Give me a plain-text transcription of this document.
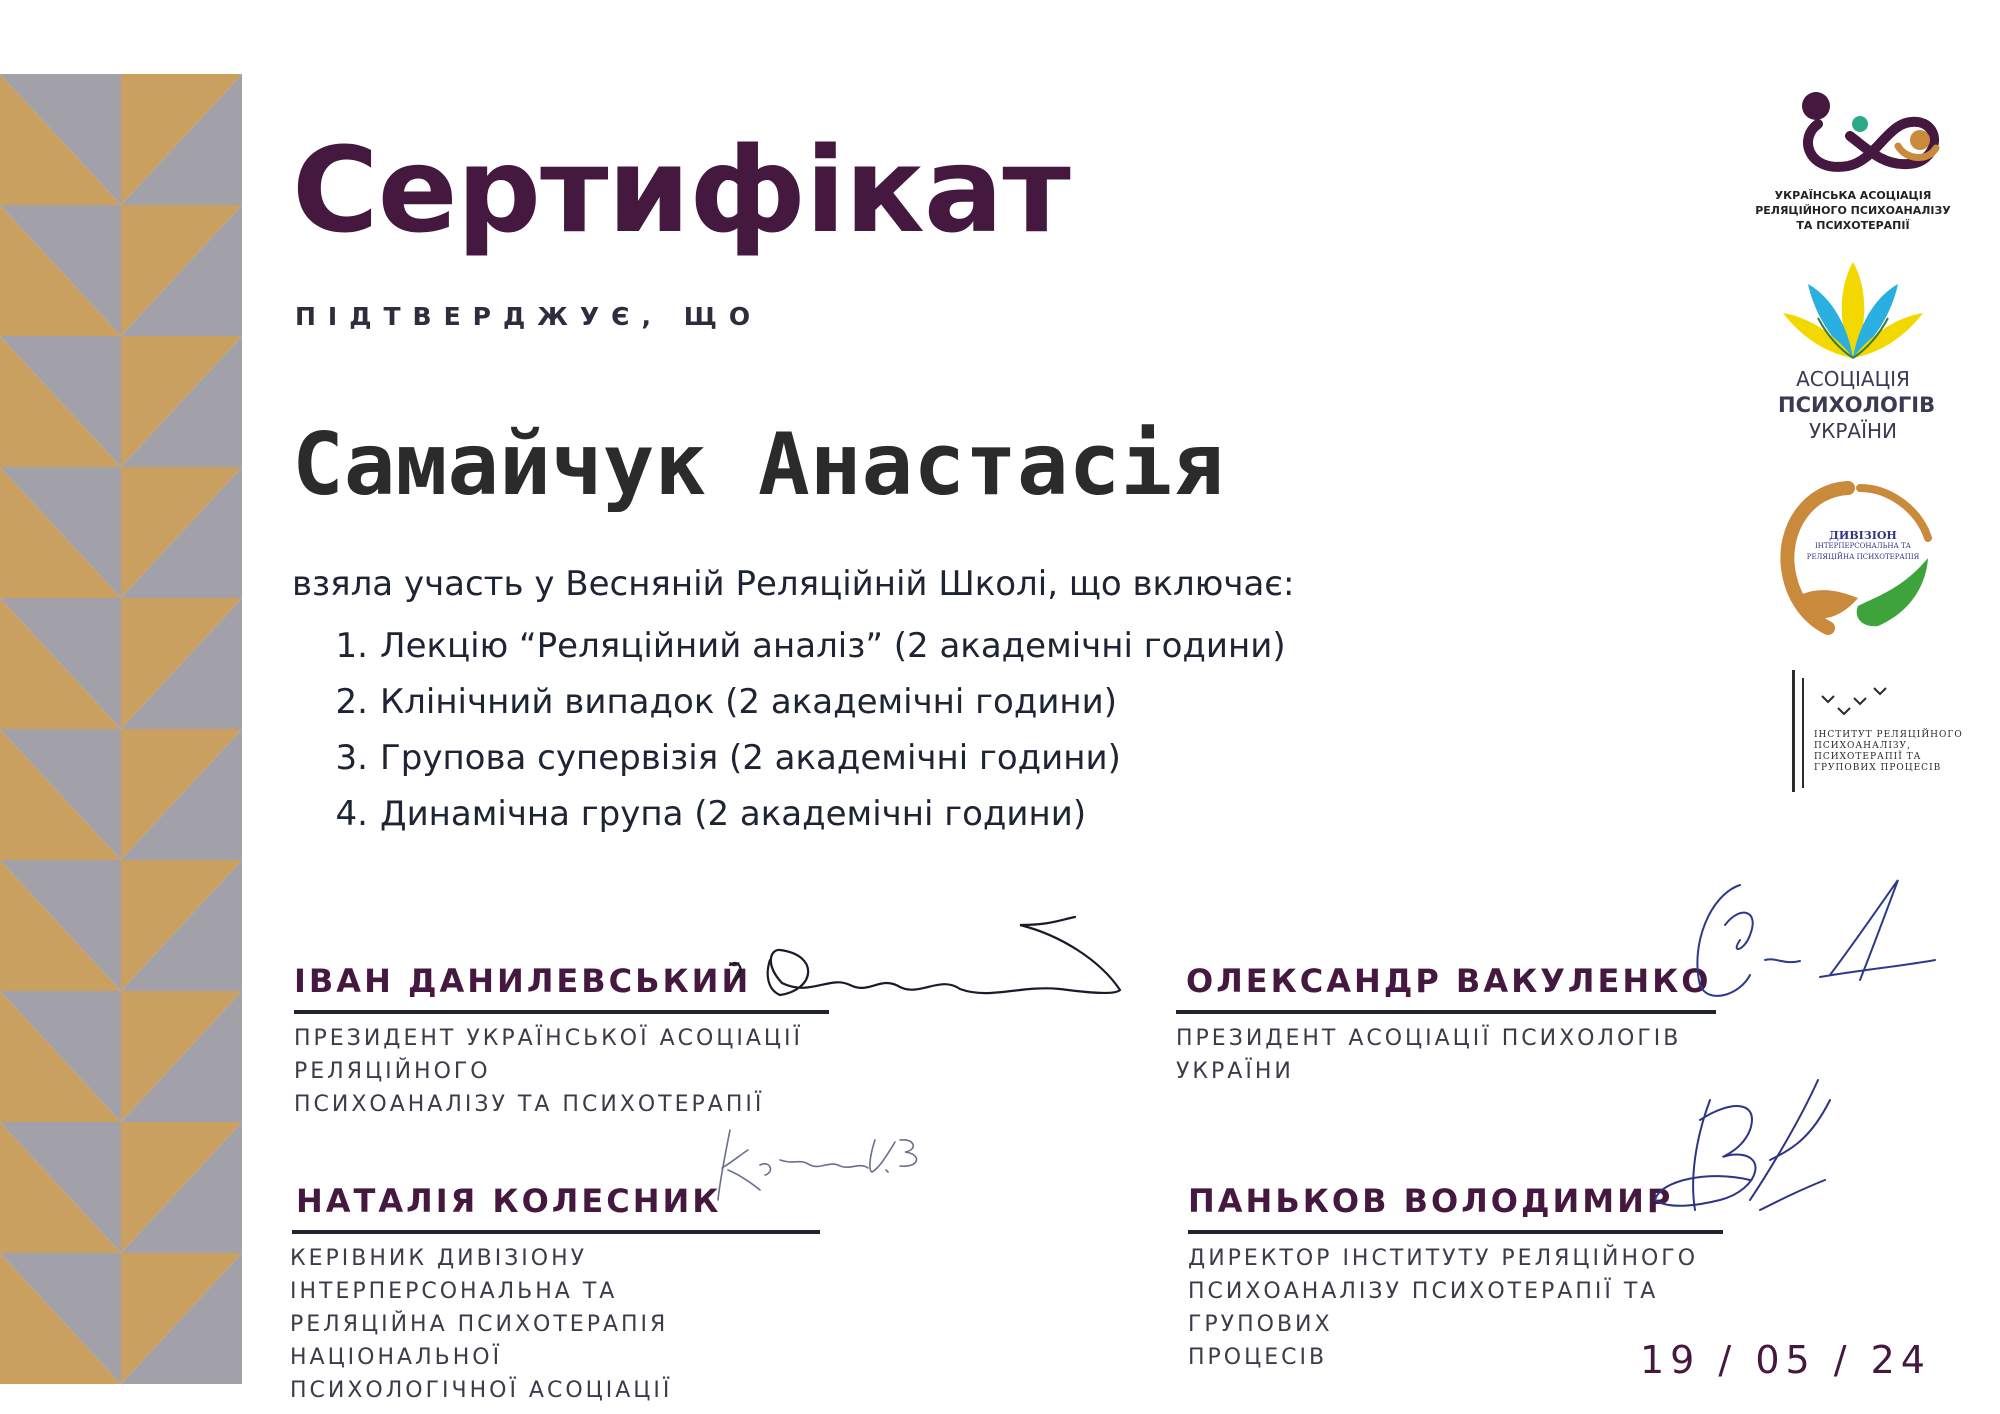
Сертифікат
ПІДТВЕРДЖУЄ, ЩО
Самайчук Анастасія
взяла участь у Весняній Реляційній Школі, що включає:
1. Лекцію “Реляційний аналіз” (2 академічні години)
2. Клінічний випадок (2 академічні години)
3. Групова супервізія (2 академічні години)
4. Динамічна група (2 академічні години)
ІВАН ДАНИЛЕВСЬКИЙ
ПРЕЗИДЕНТ УКРАЇНСЬКОЇ АСОЦІАЦІЇ РЕЛЯЦІЙНОГО
ПСИХОАНАЛІЗУ ТА ПСИХОТЕРАПІЇ
ОЛЕКСАНДР ВАКУЛЕНКО
ПРЕЗИДЕНТ АСОЦІАЦІЇ ПСИХОЛОГІВ УКРАЇНИ
НАТАЛІЯ КОЛЕСНИК
КЕРІВНИК ДИВІЗІОНУ ІНТЕРПЕРСОНАЛЬНА ТА
РЕЛЯЦІЙНА ПСИХОТЕРАПІЯ НАЦІОНАЛЬНОЇ
ПСИХОЛОГІЧНОЇ АСОЦІАЦІЇ
ПАНЬКОВ ВОЛОДИМИР
ДИРЕКТОР ІНСТИТУТУ РЕЛЯЦІЙНОГО
ПСИХОАНАЛІЗУ ПСИХОТЕРАПІЇ ТА ГРУПОВИХ
ПРОЦЕСІВ	19 / 05 / 24
УКРАЇНСЬКА АСОЦІАЦІЯ
РЕЛЯЦІЙНОГО ПСИХОАНАЛІЗУ
ТА ПСИХОТЕРАПІЇ
АСОЦІАЦІЯ
ПСИХОЛОГІВ
УКРАЇНИ
ДИВІЗІОН
ІНТЕРПЕРСОНАЛЬНА ТА
РЕЛЯЦІЙНА ПСИХОТЕРАПІЯ
ІНСТИТУТ РЕЛЯЦІЙНОГО
ПСИХОАНАЛІЗУ,
ПСИХОТЕРАПІЇ ТА
ГРУПОВИХ ПРОЦЕСІВ
